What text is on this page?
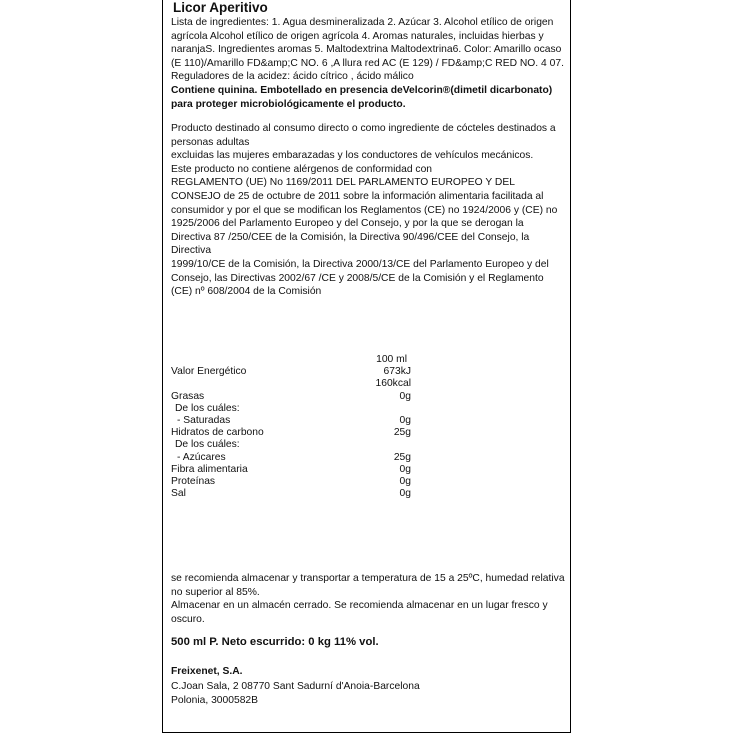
Licor Aperitivo

Lista de ingredientes: 1. Agua desmineralizada 2. Azúcar 3. Alcohol etílico de origen agrícola Alcohol etílico de origen agrícola 4. Aromas naturales, incluidas hierbas y naranjaS. Ingredientes aromas 5. Maltodextrina Maltodextrina6. Color: Amarillo ocaso (E 110)/Amarillo FD&amp;C NO. 6 ,A llura red AC (E 129) / FD&amp;C RED NO. 4 07. Reguladores de la acidez: ácido cítrico , ácido málico

Contiene quinina. Embotellado en presencia deVelcorin®(dimetil dicarbonato) para proteger microbiológicamente el producto.

Producto destinado al consumo directo o como ingrediente de cócteles destinados a personas adultas

excluidas las mujeres embarazadas y los conductores de vehículos mecánicos.

Este producto no contiene alérgenos de conformidad con

REGLAMENTO (UE) No 1169/2011 DEL PARLAMENTO EUROPEO Y DEL CONSEJO de 25 de octubre de 2011 sobre la información alimentaria facilitada al consumidor y por el que se modifican los Reglamentos (CE) no 1924/2006 y (CE) no 1925/2006 del Parlamento Europeo y del Consejo, y por la que se derogan la Directiva 87 /250/CEE de la Comisión, la Directiva 90/496/CEE del Consejo, la Directiva

1999/10/CE de la Comisión, la Directiva 2000/13/CE del Parlamento Europeo y del Consejo, las Directivas 2002/67 /CE y 2008/5/CE de la Comisión y el Reglamento (CE) nº 608/2004 de la Comisión

100 ml
Valor Energético	673kJ
160kcal
Grasas	0g
De los cuáles:
- Saturadas	0g
Hidratos de carbono	25g
De los cuáles:
- Azúcares	25g
Fibra alimentaria	0g
Proteínas	0g
Sal	0g

se recomienda almacenar y transportar a temperatura de 15 a 25ºC, humedad relativa no superior al 85%.

Almacenar en un almacén cerrado. Se recomienda almacenar en un lugar fresco y oscuro.

500 ml P. Neto escurrido: 0 kg 11% vol.
Freixenet, S.A.
C.Joan Sala, 2 08770 Sant Sadurní d'Anoia-Barcelona
Polonia, 3000582B
